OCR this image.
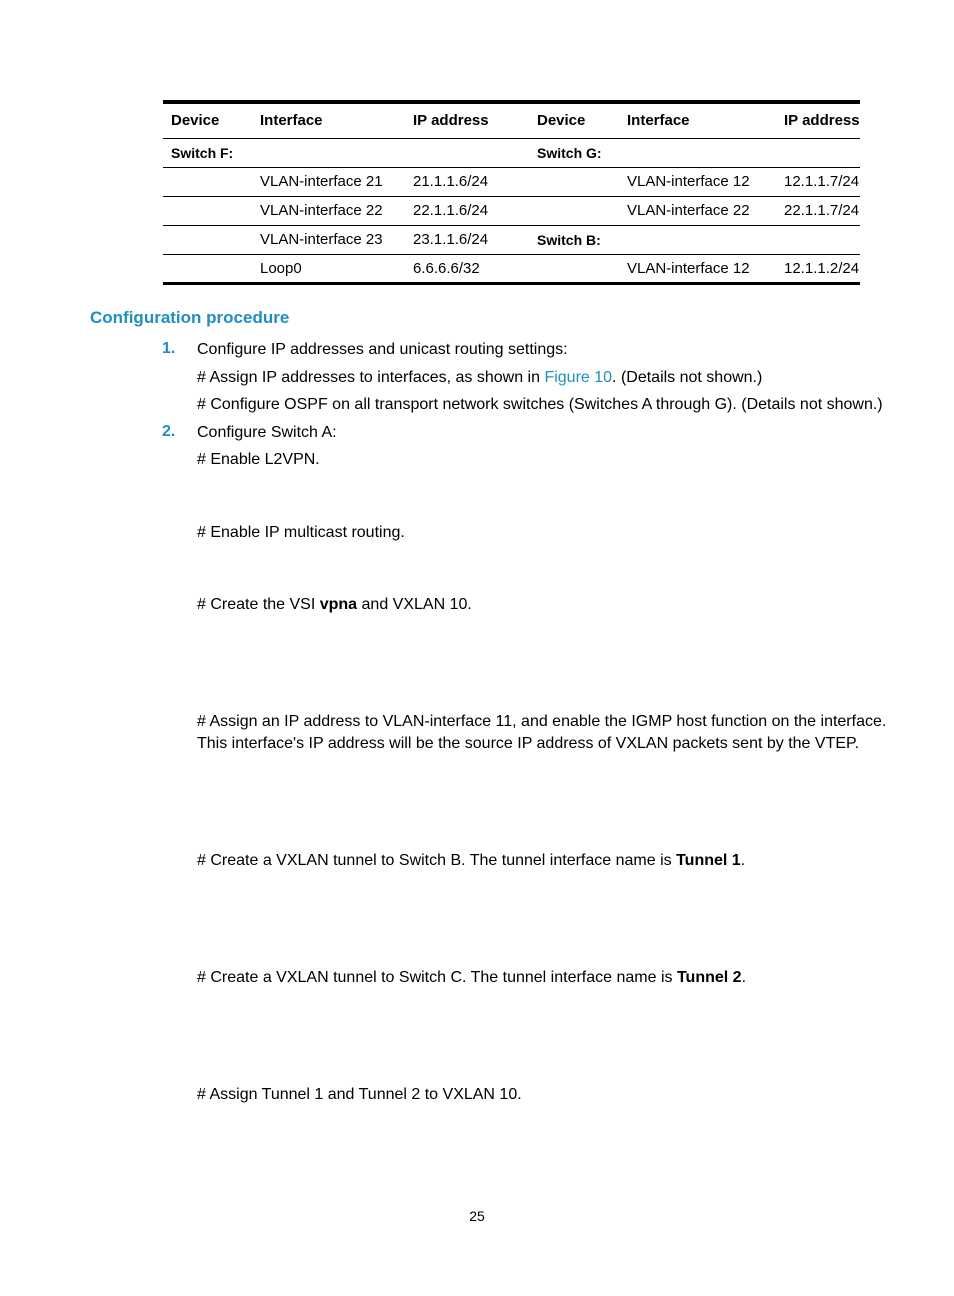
Device	Interface	IP address	Device	Interface	IP address
Switch F:			Switch G:		
	VLAN-interface 21	21.1.1.6/24		VLAN-interface 12	12.1.1.7/24
	VLAN-interface 22	22.1.1.6/24		VLAN-interface 22	22.1.1.7/24
	VLAN-interface 23	23.1.1.6/24	Switch B:		
	Loop0	6.6.6.6/32		VLAN-interface 12	12.1.1.2/24
Configuration procedure
1. Configure IP addresses and unicast routing settings:
# Assign IP addresses to interfaces, as shown in Figure 10. (Details not shown.)
# Configure OSPF on all transport network switches (Switches A through G). (Details not shown.)
2. Configure Switch A:
# Enable L2VPN.
# Enable IP multicast routing.
# Create the VSI vpna and VXLAN 10.
# Assign an IP address to VLAN-interface 11, and enable the IGMP host function on the interface.
This interface's IP address will be the source IP address of VXLAN packets sent by the VTEP.
# Create a VXLAN tunnel to Switch B. The tunnel interface name is Tunnel 1.
# Create a VXLAN tunnel to Switch C. The tunnel interface name is Tunnel 2.
# Assign Tunnel 1 and Tunnel 2 to VXLAN 10.
25
